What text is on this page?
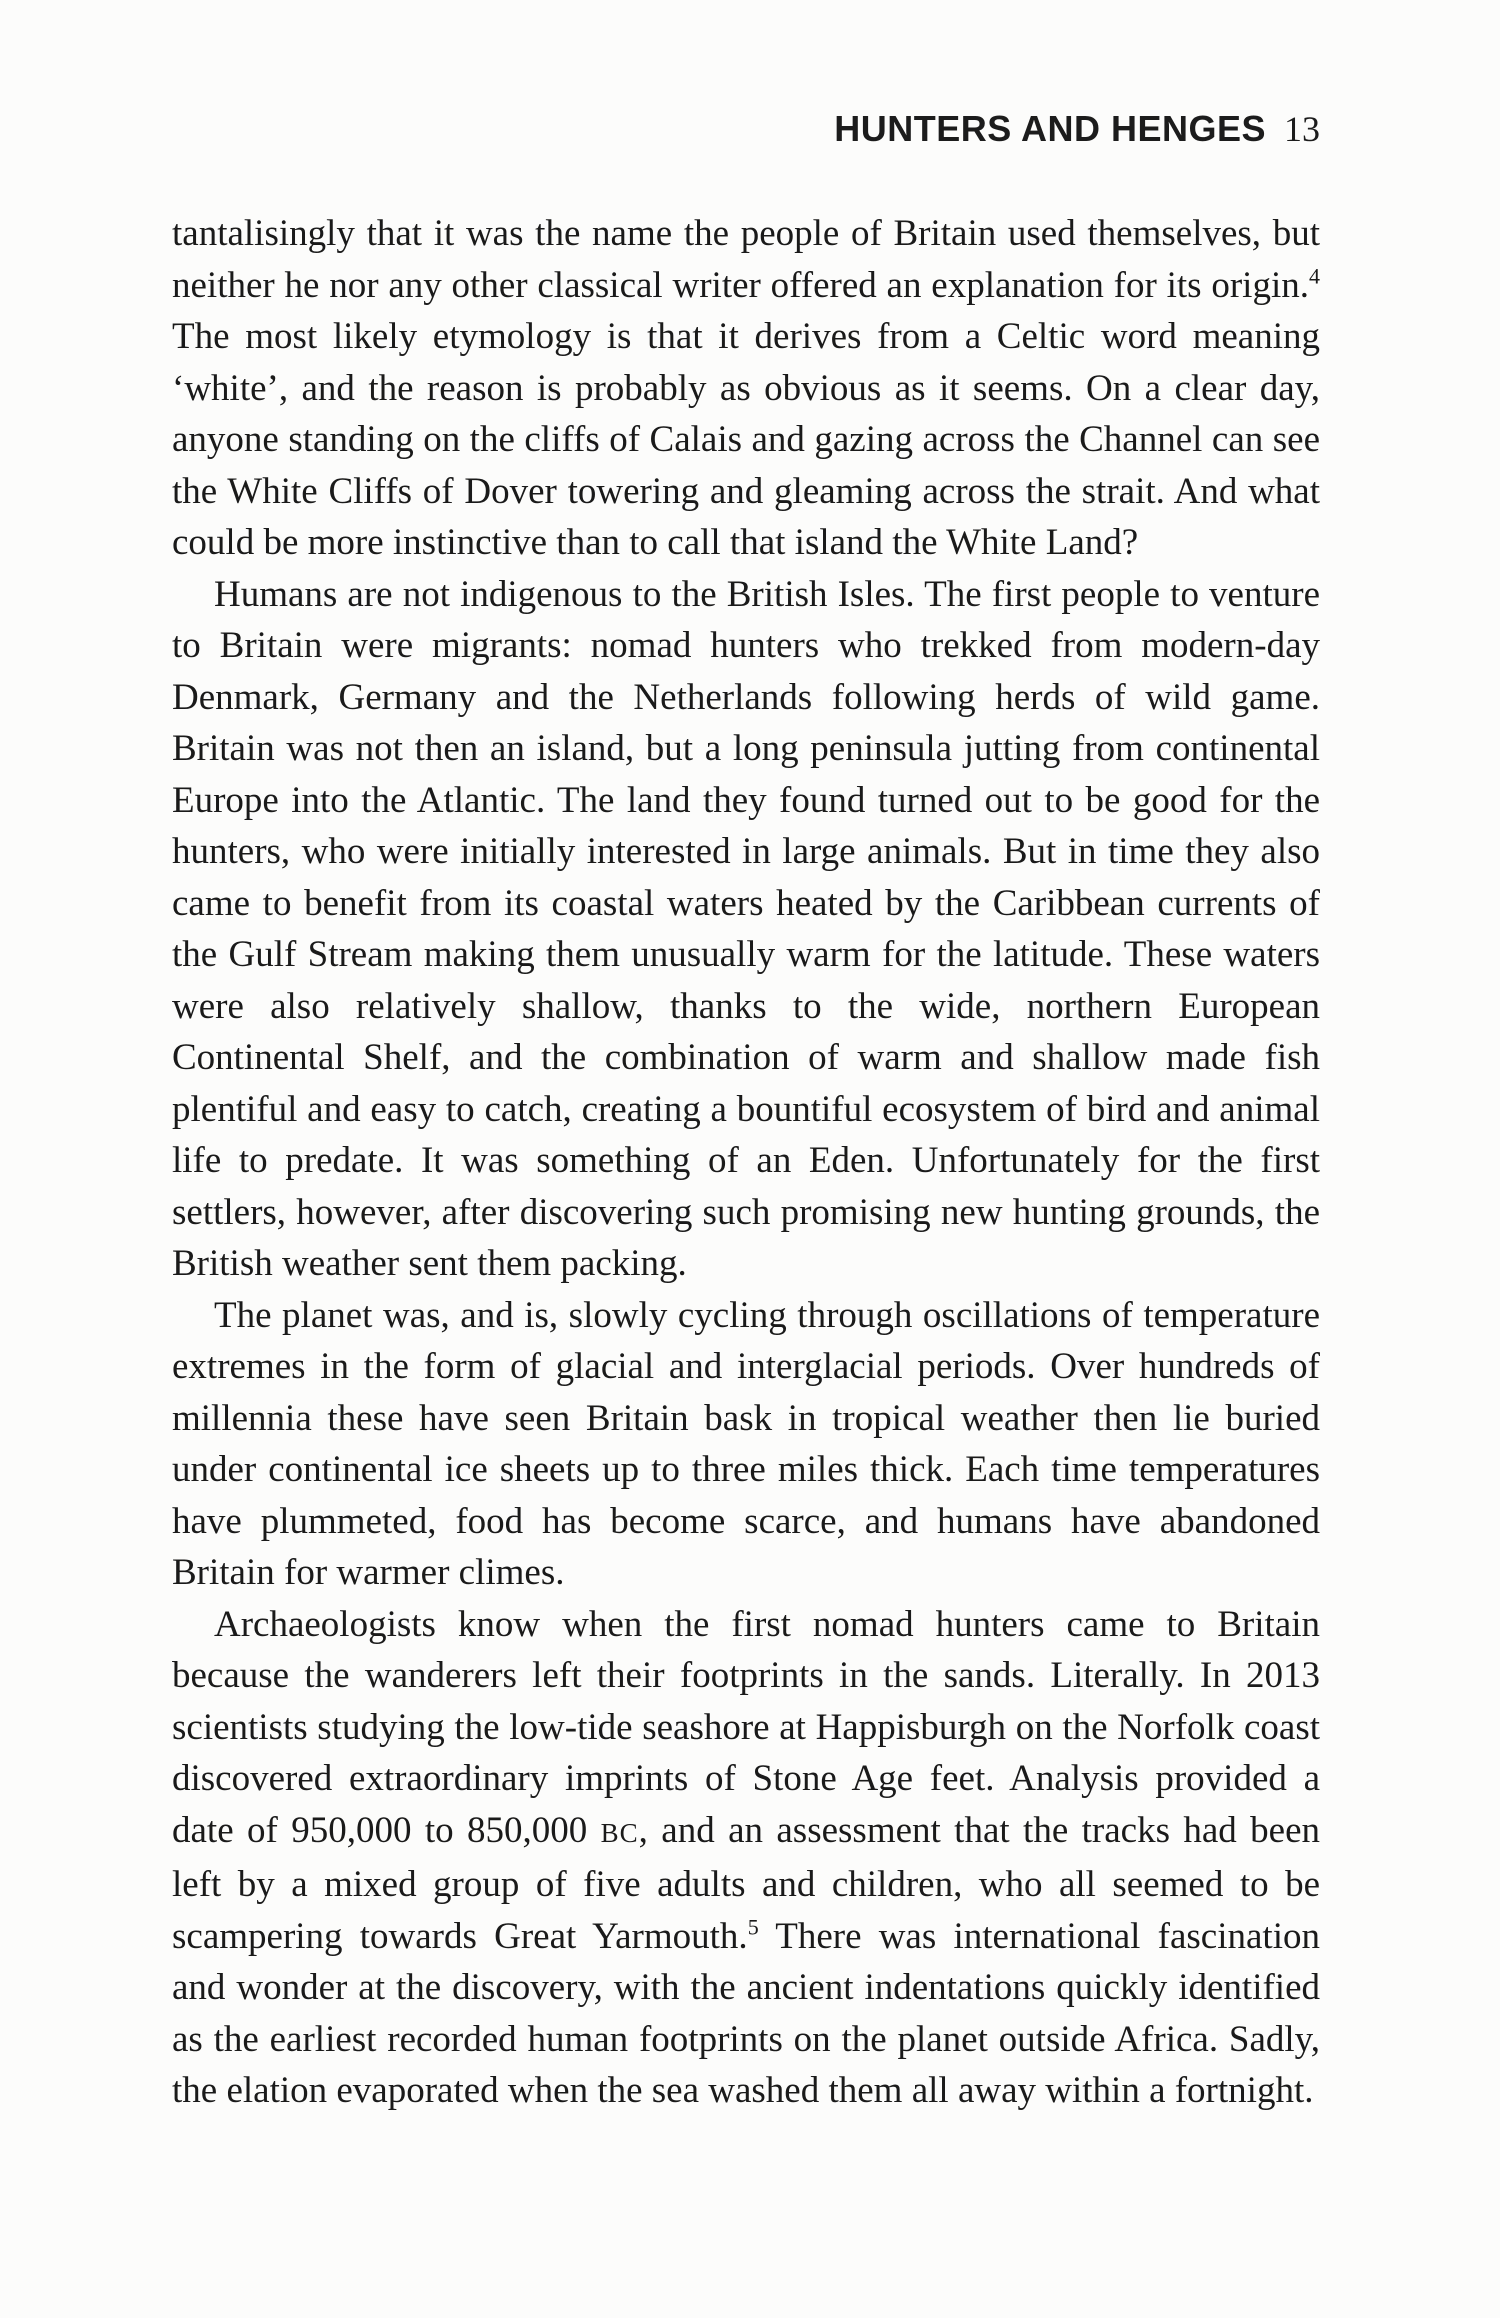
HUNTERS AND HENGES 13

tantalisingly that it was the name the people of Britain used themselves, but neither he nor any other classical writer offered an explanation for its origin.$^4$ The most likely etymology is that it derives from a Celtic word meaning ‘white’, and the reason is probably as obvious as it seems. On a clear day, anyone standing on the cliffs of Calais and gazing across the Channel can see the White Cliffs of Dover towering and gleaming across the strait. And what could be more instinctive than to call that island the White Land?

Humans are not indigenous to the British Isles. The first people to venture to Britain were migrants: nomad hunters who trekked from modern-day Denmark, Germany and the Netherlands following herds of wild game. Britain was not then an island, but a long peninsula jutting from continental Europe into the Atlantic. The land they found turned out to be good for the hunters, who were initially interested in large animals. But in time they also came to benefit from its coastal waters heated by the Caribbean currents of the Gulf Stream making them unusually warm for the latitude. These waters were also relatively shallow, thanks to the wide, northern European Continental Shelf, and the combination of warm and shallow made fish plentiful and easy to catch, creating a bountiful ecosystem of bird and animal life to predate. It was something of an Eden. Unfortunately for the first settlers, however, after discovering such promising new hunting grounds, the British weather sent them packing.

The planet was, and is, slowly cycling through oscillations of temperature extremes in the form of glacial and interglacial periods. Over hundreds of millennia these have seen Britain bask in tropical weather then lie buried under continental ice sheets up to three miles thick. Each time temperatures have plummeted, food has become scarce, and humans have abandoned Britain for warmer climes.

Archaeologists know when the first nomad hunters came to Britain because the wanderers left their footprints in the sands. Literally. In 2013 scientists studying the low-tide seashore at Happisburgh on the Norfolk coast discovered extraordinary imprints of Stone Age feet. Analysis provided a date of 950,000 to 850,000 BC, and an assessment that the tracks had been left by a mixed group of five adults and children, who all seemed to be scampering towards Great Yarmouth.$^5$ There was international fascination and wonder at the discovery, with the ancient indentations quickly identified as the earliest recorded human footprints on the planet outside Africa. Sadly, the elation evaporated when the sea washed them all away within a fortnight.
